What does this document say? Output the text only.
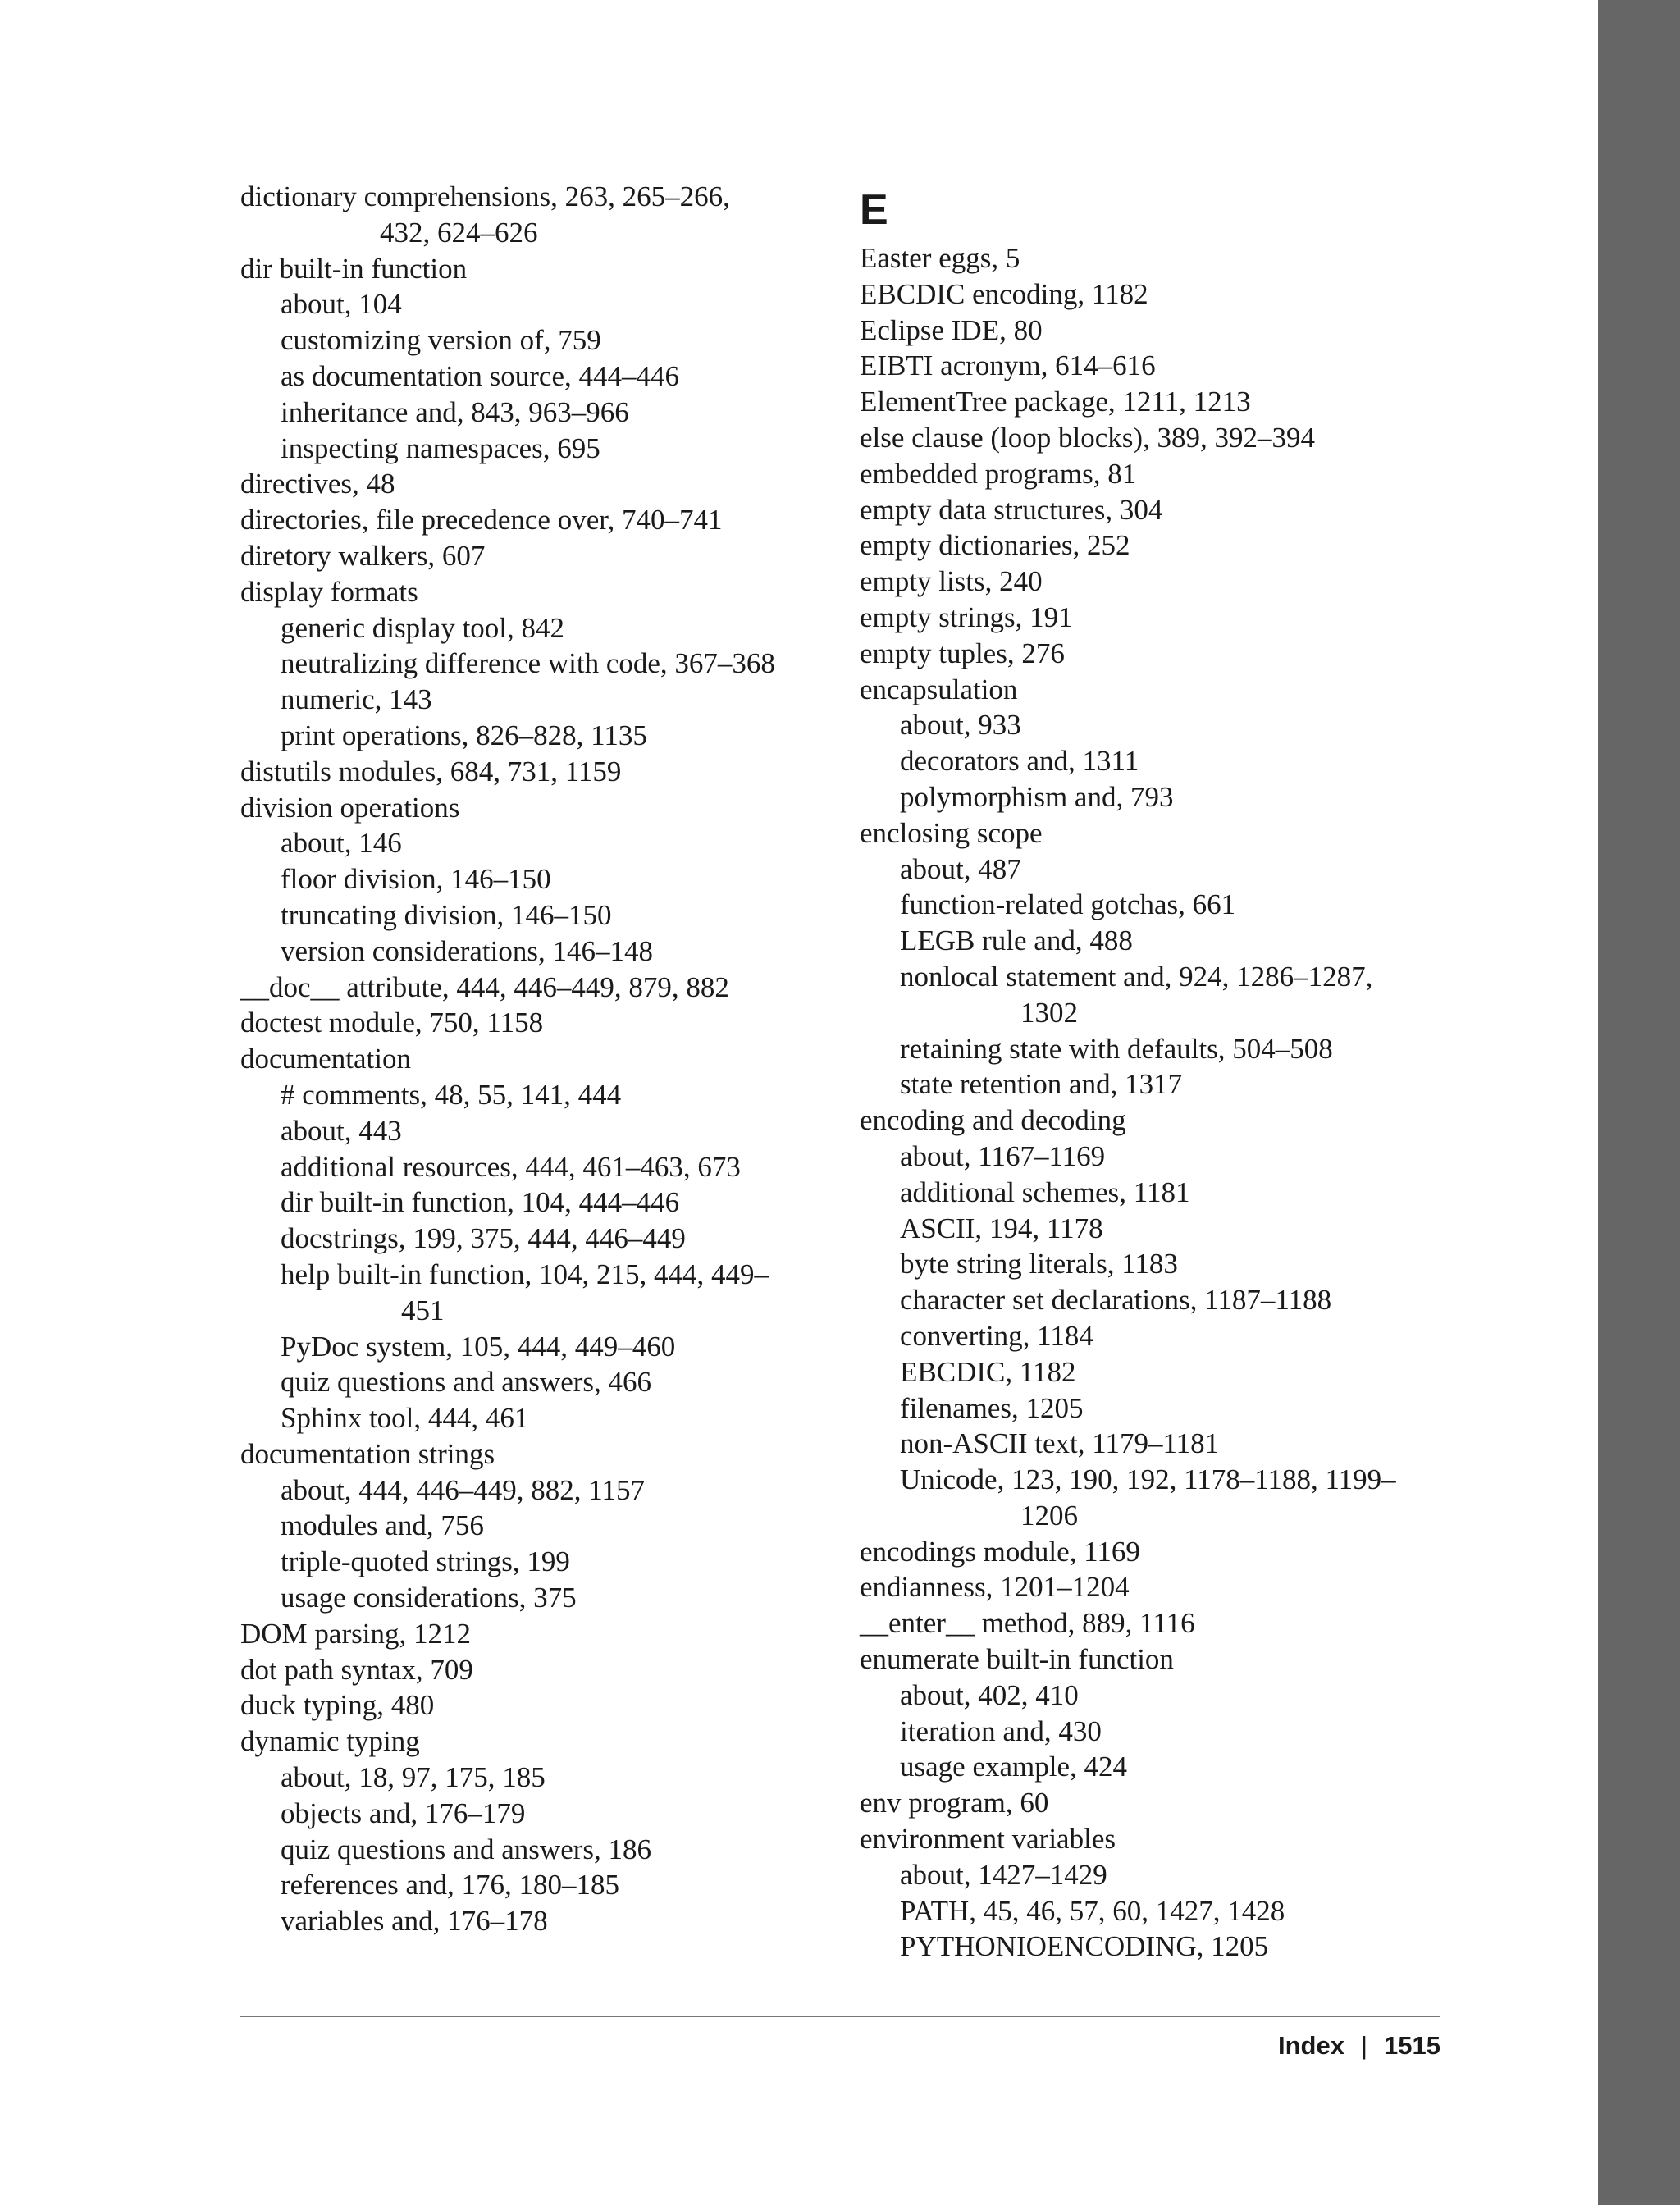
dictionary comprehensions, 263, 265–266,
432, 624–626
dir built-in function
about, 104
customizing version of, 759
as documentation source, 444–446
inheritance and, 843, 963–966
inspecting namespaces, 695
directives, 48
directories, file precedence over, 740–741
diretory walkers, 607
display formats
generic display tool, 842
neutralizing difference with code, 367–368
numeric, 143
print operations, 826–828, 1135
distutils modules, 684, 731, 1159
division operations
about, 146
floor division, 146–150
truncating division, 146–150
version considerations, 146–148
__doc__ attribute, 444, 446–449, 879, 882
doctest module, 750, 1158
documentation
# comments, 48, 55, 141, 444
about, 443
additional resources, 444, 461–463, 673
dir built-in function, 104, 444–446
docstrings, 199, 375, 444, 446–449
help built-in function, 104, 215, 444, 449–
451
PyDoc system, 105, 444, 449–460
quiz questions and answers, 466
Sphinx tool, 444, 461
documentation strings
about, 444, 446–449, 882, 1157
modules and, 756
triple-quoted strings, 199
usage considerations, 375
DOM parsing, 1212
dot path syntax, 709
duck typing, 480
dynamic typing
about, 18, 97, 175, 185
objects and, 176–179
quiz questions and answers, 186
references and, 176, 180–185
variables and, 176–178
E
Easter eggs, 5
EBCDIC encoding, 1182
Eclipse IDE, 80
EIBTI acronym, 614–616
ElementTree package, 1211, 1213
else clause (loop blocks), 389, 392–394
embedded programs, 81
empty data structures, 304
empty dictionaries, 252
empty lists, 240
empty strings, 191
empty tuples, 276
encapsulation
about, 933
decorators and, 1311
polymorphism and, 793
enclosing scope
about, 487
function-related gotchas, 661
LEGB rule and, 488
nonlocal statement and, 924, 1286–1287,
1302
retaining state with defaults, 504–508
state retention and, 1317
encoding and decoding
about, 1167–1169
additional schemes, 1181
ASCII, 194, 1178
byte string literals, 1183
character set declarations, 1187–1188
converting, 1184
EBCDIC, 1182
filenames, 1205
non-ASCII text, 1179–1181
Unicode, 123, 190, 192, 1178–1188, 1199–
1206
encodings module, 1169
endianness, 1201–1204
__enter__ method, 889, 1116
enumerate built-in function
about, 402, 410
iteration and, 430
usage example, 424
env program, 60
environment variables
about, 1427–1429
PATH, 45, 46, 57, 60, 1427, 1428
PYTHONIOENCODING, 1205
Index | 1515
